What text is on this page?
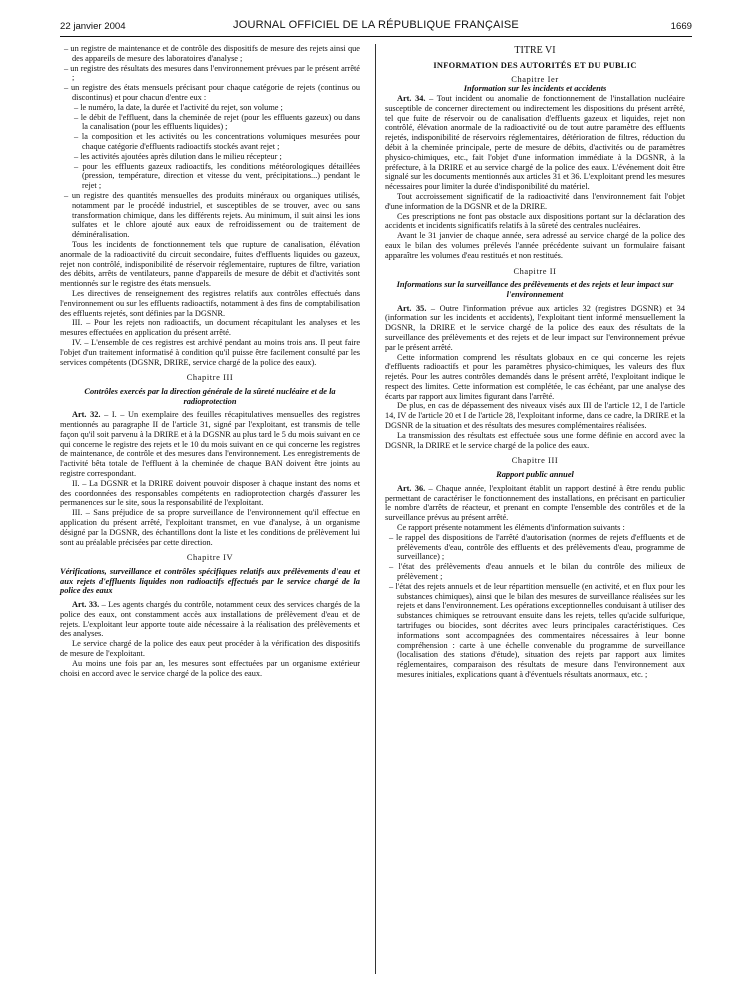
22 janvier 2004	JOURNAL OFFICIEL DE LA RÉPUBLIQUE FRANÇAISE	1669

– un registre de maintenance et de contrôle des dispositifs de mesure des rejets ainsi que des appareils de mesure des laboratoires d'analyse ;

– un registre des résultats des mesures dans l'environnement prévues par le présent arrêté ;

– un registre des états mensuels précisant pour chaque catégorie de rejets (continus ou discontinus) et pour chacun d'entre eux :

– le numéro, la date, la durée et l'activité du rejet, son volume ;

– le débit de l'effluent, dans la cheminée de rejet (pour les effluents gazeux) ou dans la canalisation (pour les effluents liquides) ;

– la composition et les activités ou les concentrations volumiques mesurées pour chaque catégorie d'effluents radioactifs stockés avant rejet ;

– les activités ajoutées après dilution dans le milieu récepteur ;

– pour les effluents gazeux radioactifs, les conditions météorologiques détaillées (pression, température, direction et vitesse du vent, précipitations...) pendant le rejet ;

– un registre des quantités mensuelles des produits minéraux ou organiques utilisés, notamment par le procédé industriel, et susceptibles de se trouver, avec ou sans transformation chimique, dans les différents rejets. Au minimum, il suit ainsi les ions sulfates et le chlore ajouté aux eaux de refroidissement ou de traitement de déminéralisation.

Tous les incidents de fonctionnement tels que rupture de canalisation, élévation anormale de la radioactivité du circuit secondaire, fuites d'effluents liquides ou gazeux, rejet non contrôlé, indisponibilité de réservoir réglementaire, ruptures de filtre, variation des débits, arrêts de ventilateurs, panne d'appareils de mesure de débit et d'activités sont mentionnés sur le registre des états mensuels.

Les directives de renseignement des registres relatifs aux contrôles effectués dans l'environnement ou sur les effluents radioactifs, notamment à des fins de comptabilisation des effluents rejetés, sont définies par la DGSNR.

III. – Pour les rejets non radioactifs, un document récapitulant les analyses et les mesures effectuées en application du présent arrêté.

IV. – L'ensemble de ces registres est archivé pendant au moins trois ans. Il peut faire l'objet d'un traitement informatisé à condition qu'il puisse être facilement consulté par les services compétents (DGSNR, DRIRE, service chargé de la police des eaux).

Chapitre III

Contrôles exercés par la direction générale de la sûreté nucléaire et de la radioprotection

Art. 32. – I. – Un exemplaire des feuilles récapitulatives mensuelles des registres mentionnés au paragraphe II de l'article 31, signé par l'exploitant, est transmis de telle façon qu'il soit parvenu à la DRIRE et à la DGSNR au plus tard le 5 du mois suivant en ce qui concerne le registre des rejets et le 10 du mois suivant en ce qui concerne les registres de maintenance, de contrôle et des mesures dans l'environnement. Les enregistrements de l'activité bêta totale de l'effluent à la cheminée de chaque BAN doivent être joints au registre correspondant.

II. – La DGSNR et la DRIRE doivent pouvoir disposer à chaque instant des noms et des coordonnées des responsables compétents en radioprotection chargés d'assurer les permanences sur le site, sous la responsabilité de l'exploitant.

III. – Sans préjudice de sa propre surveillance de l'environnement qu'il effectue en application du présent arrêté, l'exploitant transmet, en vue d'analyse, à un organisme désigné par la DGSNR, des échantillons dont la liste et les conditions de prélèvement lui sont au préalable précisées par cette direction.

Chapitre IV

Vérifications, surveillance et contrôles spécifiques relatifs aux prélèvements d'eau et aux rejets d'effluents liquides non radioactifs effectués par le service chargé de la police des eaux

Art. 33. – Les agents chargés du contrôle, notamment ceux des services chargés de la police des eaux, ont constamment accès aux installations de prélèvement d'eau et de rejets. L'exploitant leur apporte toute aide nécessaire à la réalisation des prélèvements et des analyses.

Le service chargé de la police des eaux peut procéder à la vérification des dispositifs de mesure de l'exploitant.

Au moins une fois par an, les mesures sont effectuées par un organisme extérieur choisi en accord avec le service chargé de la police des eaux.

TITRE VI

INFORMATION DES AUTORITÉS ET DU PUBLIC

Chapitre Ier

Information sur les incidents et accidents

Art. 34. – Tout incident ou anomalie de fonctionnement de l'installation nucléaire susceptible de concerner directement ou indirectement les dispositions du présent arrêté, tel que fuite de réservoir ou de canalisation d'effluents gazeux et liquides, rejet non contrôlé, élévation anormale de la radioactivité ou de tout autre paramètre des effluents rejetés, indisponibilité de réservoirs réglementaires, détérioration de filtres, réduction du débit à la cheminée principale, perte de mesure de débits, d'activités ou de paramètres physico-chimiques, etc., fait l'objet d'une information immédiate à la DGSNR, à la préfecture, à la DRIRE et au service chargé de la police des eaux. L'événement doit être signalé sur les documents mentionnés aux articles 31 et 36. L'exploitant prend les mesures nécessaires pour limiter la durée d'indisponibilité du matériel.

Tout accroissement significatif de la radioactivité dans l'environnement fait l'objet d'une information de la DGSNR et de la DRIRE.

Ces prescriptions ne font pas obstacle aux dispositions portant sur la déclaration des accidents et incidents significatifs relatifs à la sûreté des centrales nucléaires.

Avant le 31 janvier de chaque année, sera adressé au service chargé de la police des eaux le bilan des volumes prélevés l'année précédente suivant un formulaire faisant apparaître les volumes d'eau restitués et non restitués.

Chapitre II

Informations sur la surveillance des prélèvements et des rejets et leur impact sur l'environnement

Art. 35. – Outre l'information prévue aux articles 32 (registres DGSNR) et 34 (information sur les incidents et accidents), l'exploitant tient informé mensuellement la DGSNR, la DRIRE et le service chargé de la police des eaux des résultats de la surveillance des prélèvements et des rejets et de leur impact sur l'environnement prévue par le présent arrêté.

Cette information comprend les résultats globaux en ce qui concerne les rejets d'effluents radioactifs et pour les paramètres physico-chimiques, les valeurs des flux rejetés. Pour les autres contrôles demandés dans le présent arrêté, l'exploitant indique le respect des limites. Cette information est complétée, le cas échéant, par une analyse des écarts par rapport aux limites figurant dans l'arrêté.

De plus, en cas de dépassement des niveaux visés aux III de l'article 12, I de l'article 14, IV de l'article 20 et I de l'article 28, l'exploitant informe, dans ce cadre, la DRIRE et la DGSNR de la situation et des résultats des mesures complémentaires réalisées.

La transmission des résultats est effectuée sous une forme définie en accord avec la DGSNR, la DRIRE et le service chargé de la police des eaux.

Chapitre III

Rapport public annuel

Art. 36. – Chaque année, l'exploitant établit un rapport destiné à être rendu public permettant de caractériser le fonctionnement des installations, en précisant en particulier le nombre d'arrêts de réacteur, et prenant en compte l'ensemble des contrôles et de la surveillance prévus au présent arrêté.

Ce rapport présente notamment les éléments d'information suivants :

– le rappel des dispositions de l'arrêté d'autorisation (normes de rejets d'effluents et de prélèvements d'eau, contrôle des effluents et des prélèvements d'eau, programme de surveillance) ;

– l'état des prélèvements d'eau annuels et le bilan du contrôle des milieux de prélèvement ;

– l'état des rejets annuels et de leur répartition mensuelle (en activité, et en flux pour les substances chimiques), ainsi que le bilan des mesures de surveillance réalisées sur les rejets et dans l'environnement. Les opérations exceptionnelles conduisant à utiliser des substances chimiques se retrouvant ensuite dans les rejets, telles qu'acide sulfurique, tartrifuges ou biocides, sont décrites avec leurs principales caractéristiques. Ces informations sont accompagnées des commentaires nécessaires à leur bonne compréhension : carte à une échelle convenable du programme de surveillance (localisation des stations d'étude), situation des rejets par rapport aux limites réglementaires, comparaison des résultats de mesure dans l'environnement aux mesures initiales, explications quant à d'éventuels résultats anormaux, etc. ;
